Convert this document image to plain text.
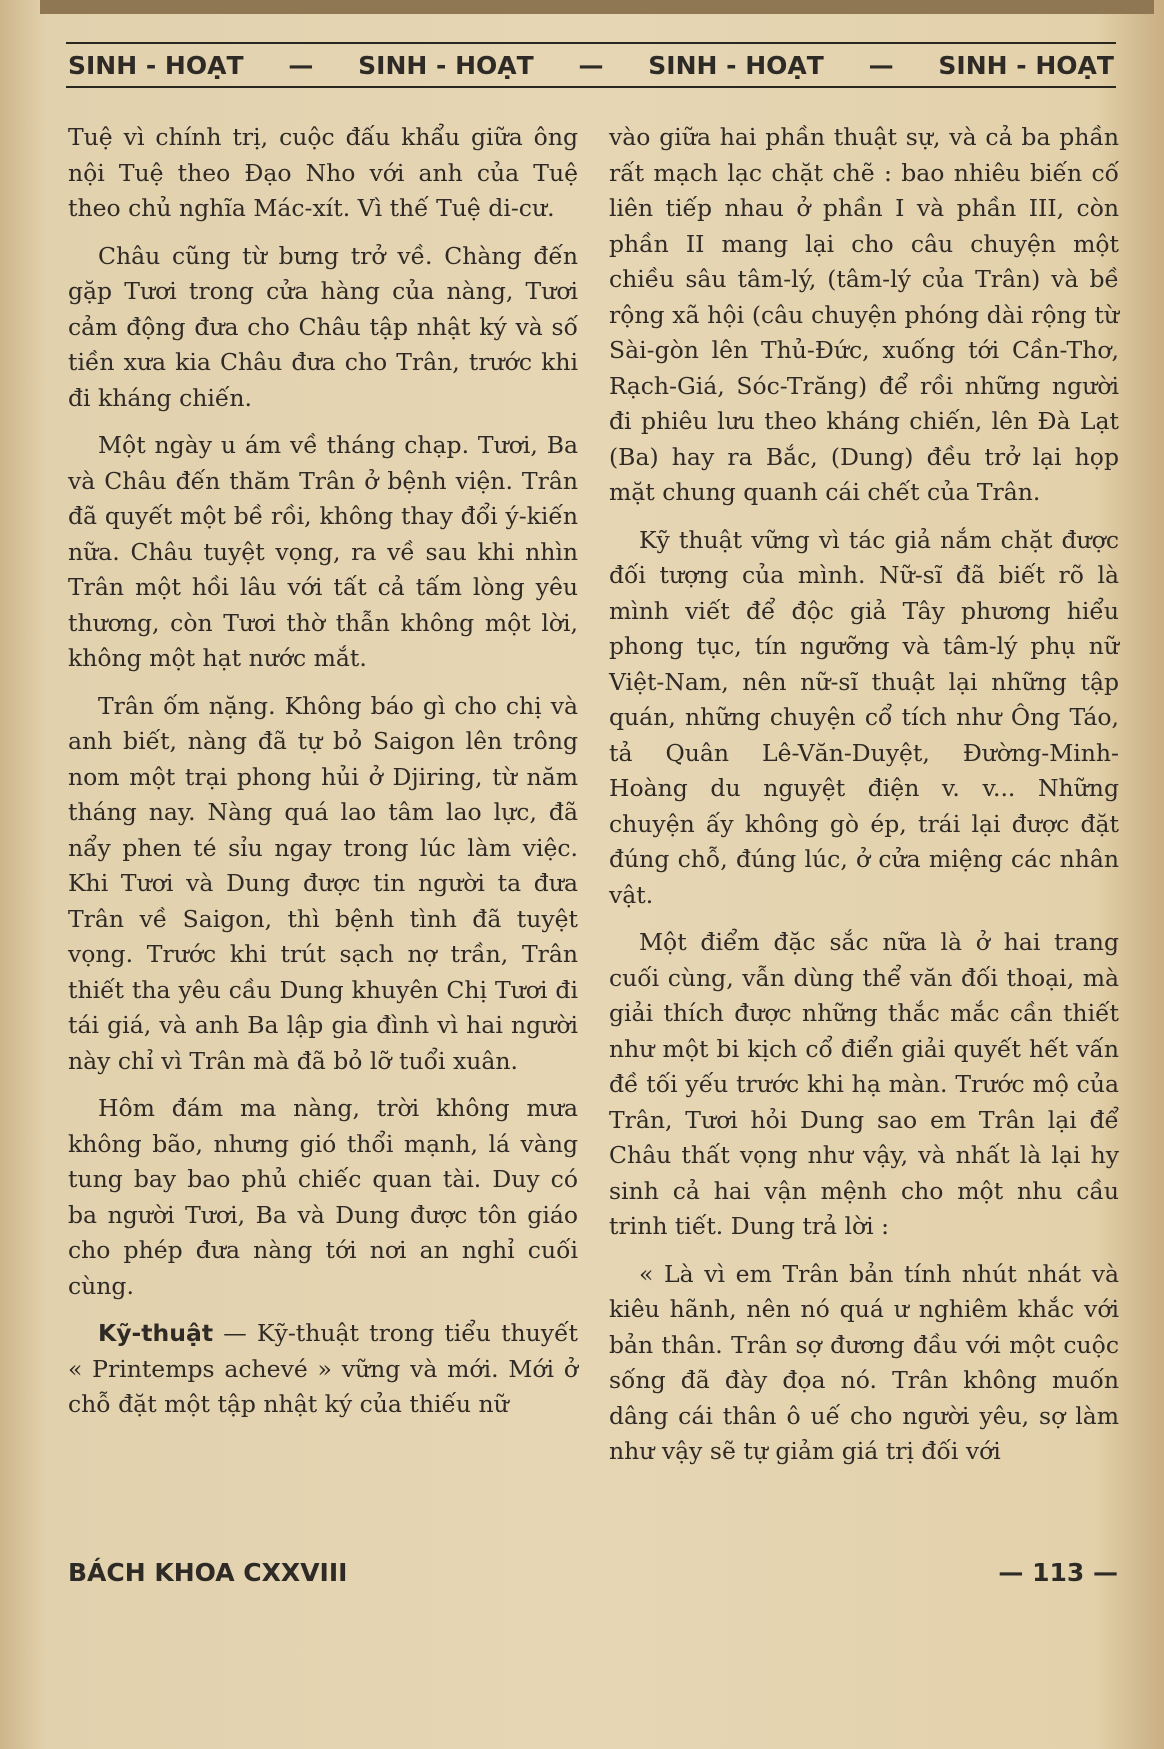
SINH - HOẠT — SINH - HOẠT — SINH - HOẠT — SINH - HOẠT

Tuệ vì chính trị, cuộc đấu khẩu giữa ông nội Tuệ theo Đạo Nho với anh của Tuệ theo chủ nghĩa Mác-xít. Vì thế Tuệ di-cư.

Châu cũng từ bưng trở về. Chàng đến gặp Tươi trong cửa hàng của nàng, Tươi cảm động đưa cho Châu tập nhật ký và số tiền xưa kia Châu đưa cho Trân, trước khi đi kháng chiến.

Một ngày u ám về tháng chạp. Tươi, Ba và Châu đến thăm Trân ở bệnh viện. Trân đã quyết một bề rồi, không thay đổi ý-kiến nữa. Châu tuyệt vọng, ra về sau khi nhìn Trân một hồi lâu với tất cả tấm lòng yêu thương, còn Tươi thờ thẫn không một lời, không một hạt nước mắt.

Trân ốm nặng. Không báo gì cho chị và anh biết, nàng đã tự bỏ Saigon lên trông nom một trại phong hủi ở Djiring, từ năm tháng nay. Nàng quá lao tâm lao lực, đã nẩy phen té sỉu ngay trong lúc làm việc. Khi Tươi và Dung được tin người ta đưa Trân về Saigon, thì bệnh tình đã tuyệt vọng. Trước khi trút sạch nợ trần, Trân thiết tha yêu cầu Dung khuyên Chị Tươi đi tái giá, và anh Ba lập gia đình vì hai người này chỉ vì Trân mà đã bỏ lỡ tuổi xuân.

Hôm đám ma nàng, trời không mưa không bão, nhưng gió thổi mạnh, lá vàng tung bay bao phủ chiếc quan tài. Duy có ba người Tươi, Ba và Dung được tôn giáo cho phép đưa nàng tới nơi an nghỉ cuối cùng.

Kỹ-thuật — Kỹ-thuật trong tiểu thuyết « Printemps achevé » vững và mới. Mới ở chỗ đặt một tập nhật ký của thiếu nữ

vào giữa hai phần thuật sự, và cả ba phần rất mạch lạc chặt chẽ : bao nhiêu biến cố liên tiếp nhau ở phần I và phần III, còn phần II mang lại cho câu chuyện một chiều sâu tâm-lý, (tâm-lý của Trân) và bề rộng xã hội (câu chuyện phóng dài rộng từ Sài-gòn lên Thủ-Đức, xuống tới Cần-Thơ, Rạch-Giá, Sóc-Trăng) để rồi những người đi phiêu lưu theo kháng chiến, lên Đà Lạt (Ba) hay ra Bắc, (Dung) đều trở lại họp mặt chung quanh cái chết của Trân.

Kỹ thuật vững vì tác giả nắm chặt được đối tượng của mình. Nữ-sĩ đã biết rõ là mình viết để độc giả Tây phương hiểu phong tục, tín ngưỡng và tâm-lý phụ nữ Việt-Nam, nên nữ-sĩ thuật lại những tập quán, những chuyện cổ tích như Ông Táo, tả Quân Lê-Văn-Duyệt, Đường-Minh-Hoàng du nguyệt điện v. v... Những chuyện ấy không gò ép, trái lại được đặt đúng chỗ, đúng lúc, ở cửa miệng các nhân vật.

Một điểm đặc sắc nữa là ở hai trang cuối cùng, vẫn dùng thể văn đối thoại, mà giải thích được những thắc mắc cần thiết như một bi kịch cổ điển giải quyết hết vấn đề tối yếu trước khi hạ màn. Trước mộ của Trân, Tươi hỏi Dung sao em Trân lại để Châu thất vọng như vậy, và nhất là lại hy sinh cả hai vận mệnh cho một nhu cầu trinh tiết. Dung trả lời :

« Là vì em Trân bản tính nhút nhát và kiêu hãnh, nên nó quá ư nghiêm khắc với bản thân. Trân sợ đương đầu với một cuộc sống đã đày đọa nó. Trân không muốn dâng cái thân ô uế cho người yêu, sợ làm như vậy sẽ tự giảm giá trị đối với

BÁCH KHOA CXXVIII	— 113 —
